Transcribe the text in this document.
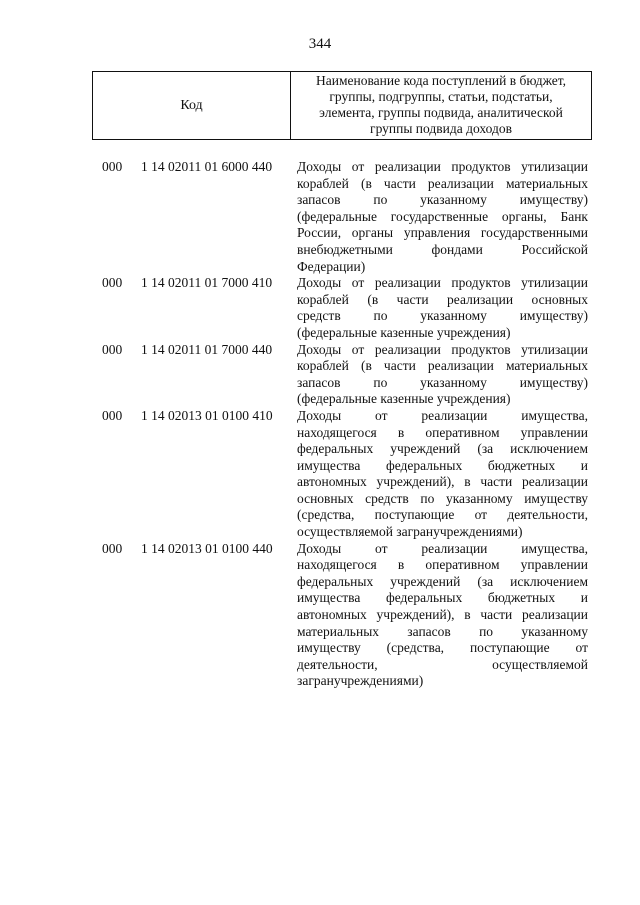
344
Код
Наименование кода поступлений в бюджет,
группы, подгруппы, статьи, подстатьи,
элемента, группы подвида, аналитической
группы подвида доходов
000 1 14 02011 01 6000 440 Доходы от реализации продуктов утилизации
кораблей (в части реализации материальных
запасов по указанному имуществу)
(федеральные государственные органы, Банк
России, органы управления государственными
внебюджетными фондами Российской
Федерации)
000 1 14 02011 01 7000 410 Доходы от реализации продуктов утилизации
кораблей (в части реализации основных
средств по указанному имуществу)
(федеральные казенные учреждения)
000 1 14 02011 01 7000 440 Доходы от реализации продуктов утилизации
кораблей (в части реализации материальных
запасов по указанному имуществу)
(федеральные казенные учреждения)
000 1 14 02013 01 0100 410 Доходы от реализации имущества,
находящегося в оперативном управлении
федеральных учреждений (за исключением
имущества федеральных бюджетных и
автономных учреждений), в части реализации
основных средств по указанному имуществу
(средства, поступающие от деятельности,
осуществляемой загранучреждениями)
000 1 14 02013 01 0100 440 Доходы от реализации имущества,
находящегося в оперативном управлении
федеральных учреждений (за исключением
имущества федеральных бюджетных и
автономных учреждений), в части реализации
материальных запасов по указанному
имуществу (средства, поступающие от
деятельности, осуществляемой
загранучреждениями)
